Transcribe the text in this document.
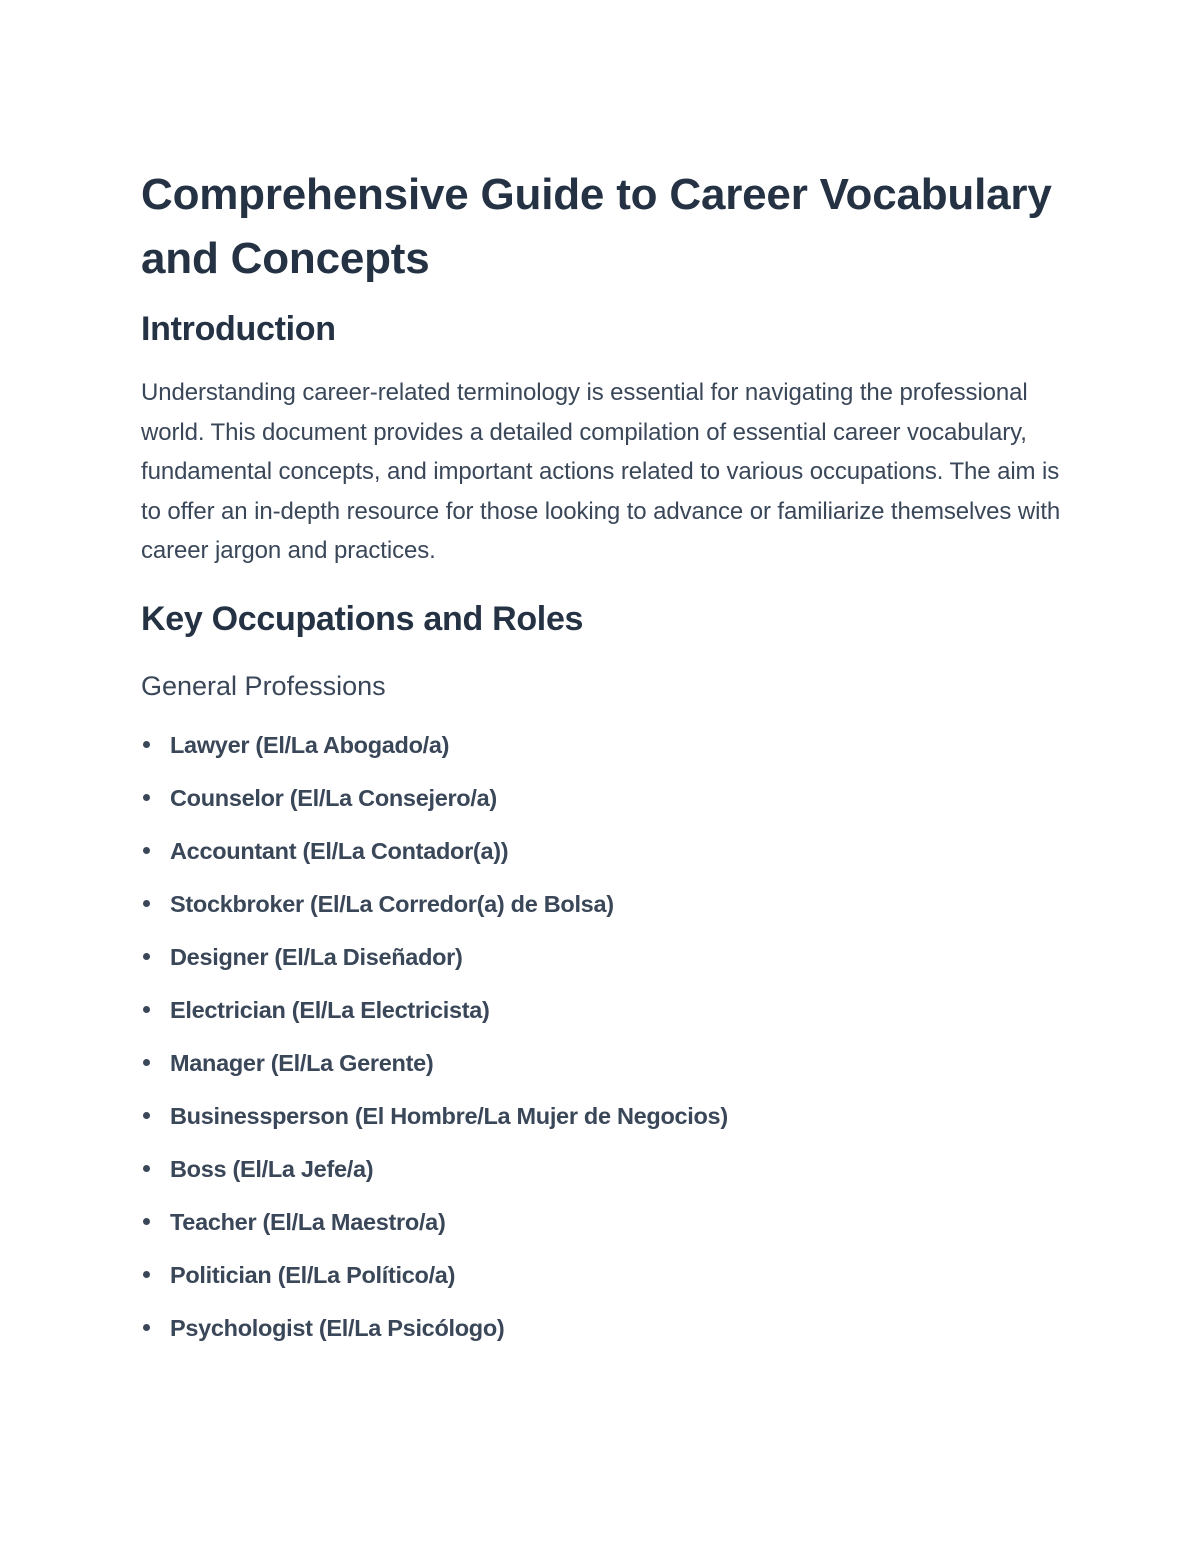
Comprehensive Guide to Career Vocabulary and Concepts
Introduction

Understanding career-related terminology is essential for navigating the professional world. This document provides a detailed compilation of essential career vocabulary, fundamental concepts, and important actions related to various occupations. The aim is to offer an in-depth resource for those looking to advance or familiarize themselves with career jargon and practices.

Key Occupations and Roles
General Professions
Lawyer (El/La Abogado/a)
Counselor (El/La Consejero/a)
Accountant (El/La Contador(a))
Stockbroker (El/La Corredor(a) de Bolsa)
Designer (El/La Diseñador)
Electrician (El/La Electricista)
Manager (El/La Gerente)
Businessperson (El Hombre/La Mujer de Negocios)
Boss (El/La Jefe/a)
Teacher (El/La Maestro/a)
Politician (El/La Político/a)
Psychologist (El/La Psicólogo)
